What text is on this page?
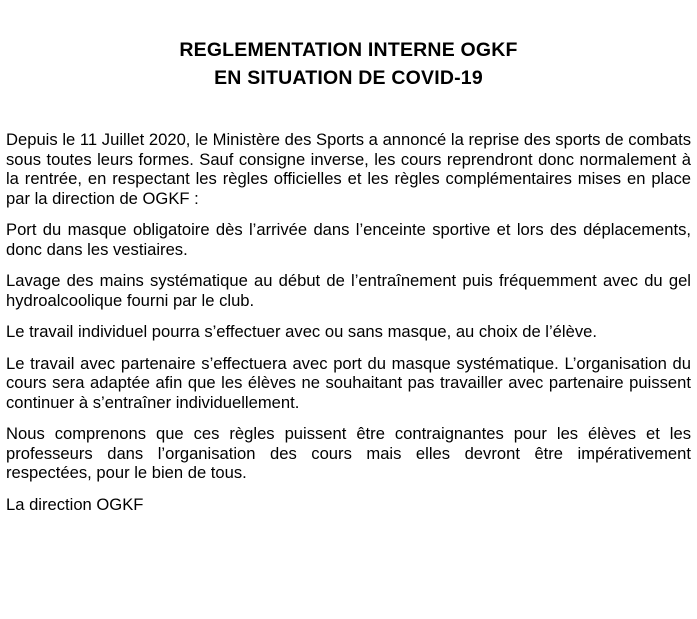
REGLEMENTATION INTERNE OGKF
EN SITUATION DE COVID-19

Depuis le 11 Juillet 2020, le Ministère des Sports a annoncé la reprise des sports de combats sous toutes leurs formes. Sauf consigne inverse, les cours reprendront donc normalement à la rentrée, en respectant les règles officielles et les règles complémentaires mises en place par la direction de OGKF :

Port du masque obligatoire dès l’arrivée dans l’enceinte sportive et lors des déplacements, donc dans les vestiaires.

Lavage des mains systématique au début de l’entraînement puis fréquemment avec du gel hydroalcoolique fourni par le club.

Le travail individuel pourra s’effectuer avec ou sans masque, au choix de l’élève.

Le travail avec partenaire s’effectuera avec port du masque systématique. L’organisation du cours sera adaptée afin que les élèves ne souhaitant pas travailler avec partenaire puissent continuer à s’entraîner individuellement.

Nous comprenons que ces règles puissent être contraignantes pour les élèves et les professeurs dans l’organisation des cours mais elles devront être impérativement respectées, pour le bien de tous.

La direction OGKF
